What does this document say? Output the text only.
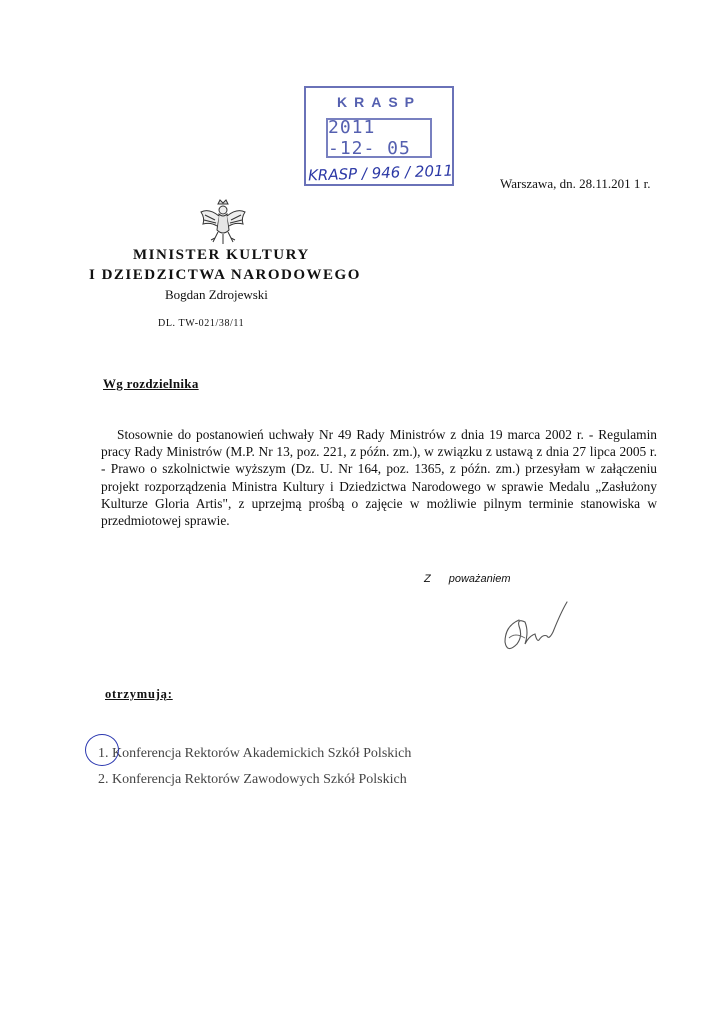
KRASP
2011 -12- 05
KRASP / 946 / 2011	Warszawa, dn. 28.11.201 1 r.
MINISTER KULTURY
I DZIEDZICTWA NARODOWEGO
Bogdan Zdrojewski
DL. TW-021/38/11
Wg rozdzielnika

Stosownie do postanowień uchwały Nr 49 Rady Ministrów z dnia 19 marca 2002 r. - Regulamin pracy Rady Ministrów (M.P. Nr 13, poz. 221, z późn. zm.), w związku z ustawą z dnia 27 lipca 2005 r. - Prawo o szkolnictwie wyższym (Dz. U. Nr 164, poz. 1365, z późn. zm.) przesyłam w załączeniu projekt rozporządzenia Ministra Kultury i Dziedzictwa Narodowego w sprawie Medalu „Zasłużony Kulturze Gloria Artis", z uprzejmą prośbą o zajęcie w możliwie pilnym terminie stanowiska w przedmiotowej sprawie.

Z poważaniem
otrzymują:
1. Konferencja Rektorów Akademickich Szkół Polskich
2. Konferencja Rektorów Zawodowych Szkół Polskich
